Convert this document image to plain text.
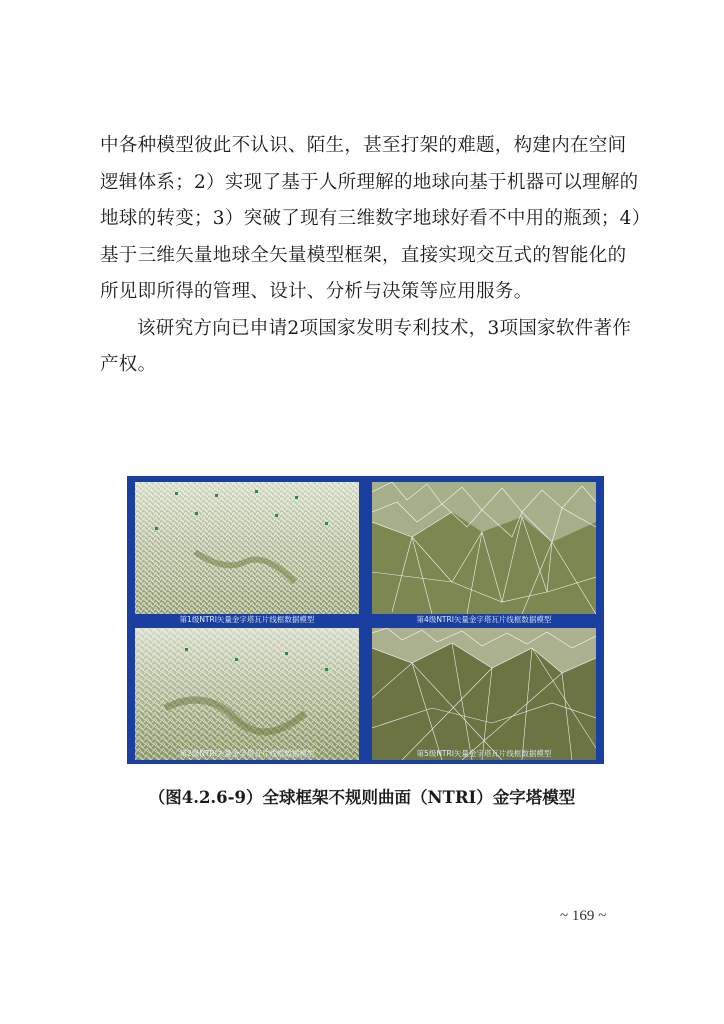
中各种模型彼此不认识、陌生，甚至打架的难题，构建内在空间
逻辑体系；2）实现了基于人所理解的地球向基于机器可以理解的
地球的转变；3）突破了现有三维数字地球好看不中用的瓶颈；4）
基于三维矢量地球全矢量模型框架，直接实现交互式的智能化的
所见即所得的管理、设计、分析与决策等应用服务。
该研究方向已申请2项国家发明专利技术，3项国家软件著作
产权。
第1级NTRI矢量金字塔瓦片线框数据模型	第4级NTRI矢量金字塔瓦片线框数据模型
第2级NTRI矢量金字塔瓦片线框数据模型	第5级NTRI矢量金字塔瓦片线框数据模型
（图4.2.6-9）全球框架不规则曲面（NTRI）金字塔模型
~ 169 ~
